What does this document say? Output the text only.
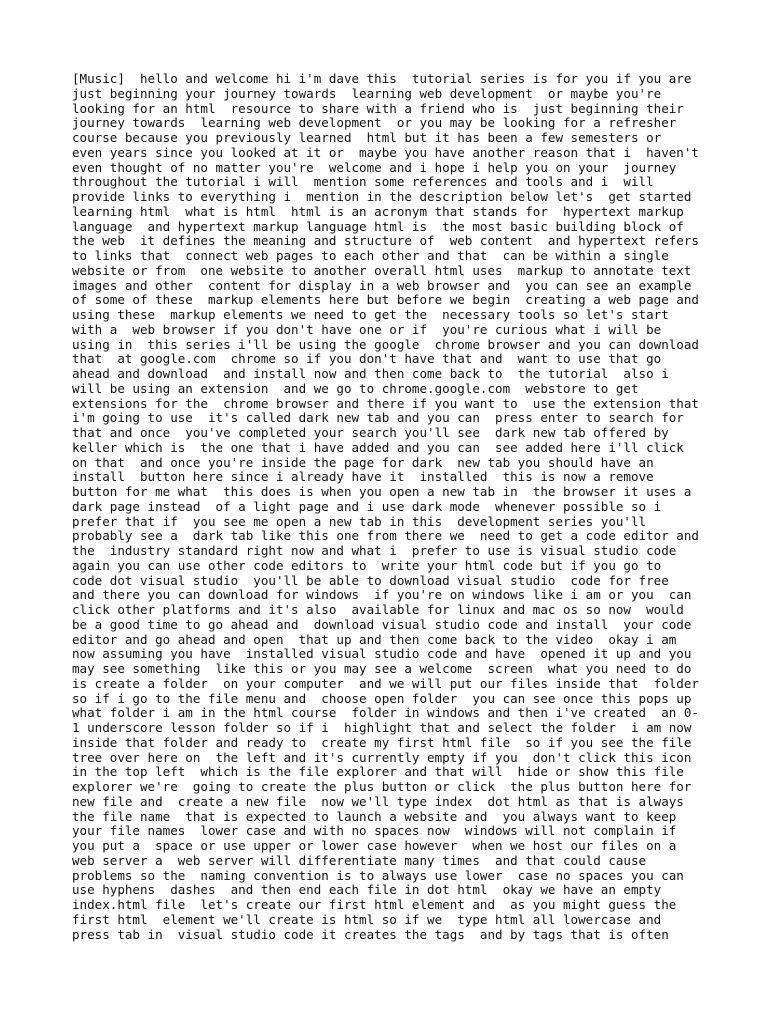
[Music]  hello and welcome hi i'm dave this  tutorial series is for you if you are
just beginning your journey towards  learning web development  or maybe you're
looking for an html  resource to share with a friend who is  just beginning their
journey towards  learning web development  or you may be looking for a refresher
course because you previously learned  html but it has been a few semesters or
even years since you looked at it or  maybe you have another reason that i  haven't
even thought of no matter you're  welcome and i hope i help you on your  journey
throughout the tutorial i will  mention some references and tools and i  will
provide links to everything i  mention in the description below let's  get started
learning html  what is html  html is an acronym that stands for  hypertext markup
language  and hypertext markup language html is  the most basic building block of
the web  it defines the meaning and structure of  web content  and hypertext refers
to links that  connect web pages to each other and that  can be within a single
website or from  one website to another overall html uses  markup to annotate text
images and other  content for display in a web browser and  you can see an example
of some of these  markup elements here but before we begin  creating a web page and
using these  markup elements we need to get the  necessary tools so let's start
with a  web browser if you don't have one or if  you're curious what i will be
using in  this series i'll be using the google  chrome browser and you can download
that  at google.com  chrome so if you don't have that and  want to use that go
ahead and download  and install now and then come back to  the tutorial  also i
will be using an extension  and we go to chrome.google.com  webstore to get
extensions for the  chrome browser and there if you want to  use the extension that
i'm going to use  it's called dark new tab and you can  press enter to search for
that and once  you've completed your search you'll see  dark new tab offered by
keller which is  the one that i have added and you can  see added here i'll click
on that  and once you're inside the page for dark  new tab you should have an
install  button here since i already have it  installed  this is now a remove
button for me what  this does is when you open a new tab in  the browser it uses a
dark page instead  of a light page and i use dark mode  whenever possible so i
prefer that if  you see me open a new tab in this  development series you'll
probably see a  dark tab like this one from there we  need to get a code editor and
the  industry standard right now and what i  prefer to use is visual studio code
again you can use other code editors to  write your html code but if you go to
code dot visual studio  you'll be able to download visual studio  code for free
and there you can download for windows  if you're on windows like i am or you  can
click other platforms and it's also  available for linux and mac os so now  would
be a good time to go ahead and  download visual studio code and install  your code
editor and go ahead and open  that up and then come back to the video  okay i am
now assuming you have  installed visual studio code and have  opened it up and you
may see something  like this or you may see a welcome  screen  what you need to do
is create a folder  on your computer  and we will put our files inside that  folder
so if i go to the file menu and  choose open folder  you can see once this pops up
what folder i am in the html course  folder in windows and then i've created  an 0-
1 underscore lesson folder so if i  highlight that and select the folder  i am now
inside that folder and ready to  create my first html file  so if you see the file
tree over here on  the left and it's currently empty if you  don't click this icon
in the top left  which is the file explorer and that will  hide or show this file
explorer we're  going to create the plus button or click  the plus button here for
new file and  create a new file  now we'll type index  dot html as that is always
the file name  that is expected to launch a website and  you always want to keep
your file names  lower case and with no spaces now  windows will not complain if
you put a  space or use upper or lower case however  when we host our files on a
web server a  web server will differentiate many times  and that could cause
problems so the  naming convention is to always use lower  case no spaces you can
use hyphens  dashes  and then end each file in dot html  okay we have an empty
index.html file  let's create our first html element and  as you might guess the
first html  element we'll create is html so if we  type html all lowercase and
press tab in  visual studio code it creates the tags  and by tags that is often
